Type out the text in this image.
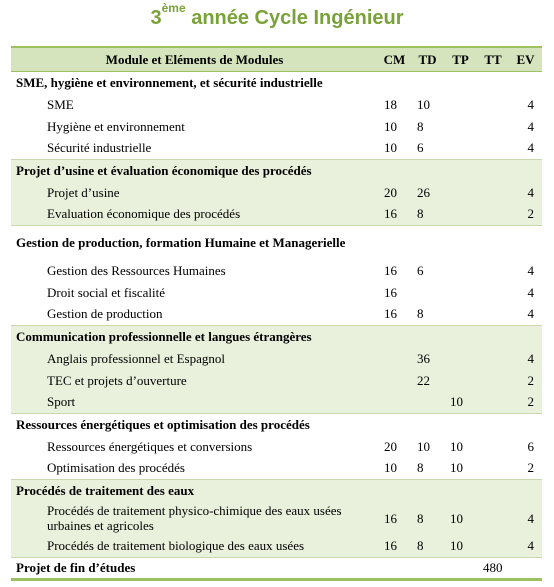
3ème année Cycle Ingénieur
Module et Eléments de Modules	CM	TD	TP	TT	EV
SME, hygiène et environnement, et sécurité industrielle					
SME	18	10			4
Hygiène et environnement	10	8			4
Sécurité industrielle	10	6			4
Projet d’usine et évaluation économique des procédés					
Projet d’usine	20	26			4
Evaluation économique des procédés	16	8			2
Gestion de production, formation Humaine et Managerielle					
Gestion des Ressources Humaines	16	6			4
Droit social et fiscalité	16				4
Gestion de production	16	8			4
Communication professionnelle et langues étrangères					
Anglais professionnel et Espagnol		36			4
TEC et projets d’ouverture		22			2
Sport			10		2
Ressources énergétiques et optimisation des procédés					
Ressources énergétiques et conversions	20	10	10		6
Optimisation des procédés	10	8	10		2
Procédés de traitement des eaux					
Procédés de traitement physico-chimique des eaux usées urbaines et agricoles	16	8	10		4
Procédés de traitement biologique des eaux usées	16	8	10		4
Projet de fin d’études				480	
